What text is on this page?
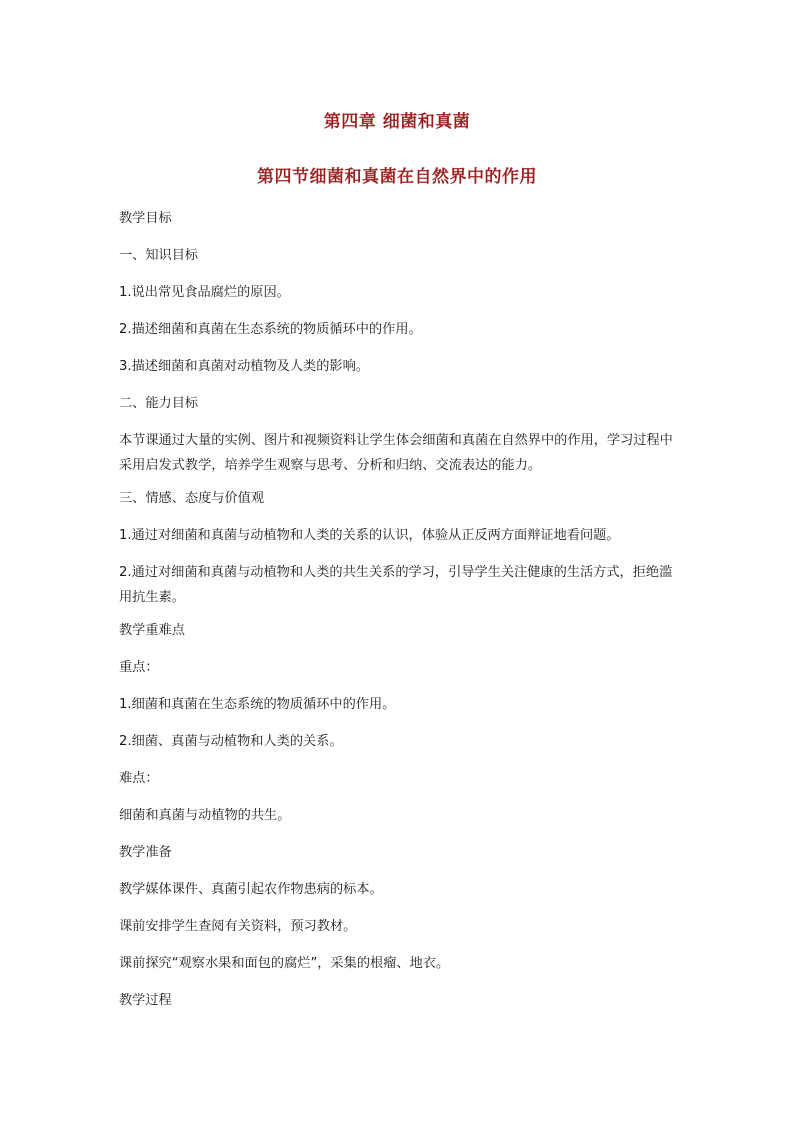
第四章 细菌和真菌
第四节细菌和真菌在自然界中的作用

教学目标

一、知识目标

1.说出常见食品腐烂的原因。

2.描述细菌和真菌在生态系统的物质循环中的作用。

3.描述细菌和真菌对动植物及人类的影响。

二、能力目标

本节课通过大量的实例、图片和视频资料让学生体会细菌和真菌在自然界中的作用，学习过程中采用启发式教学，培养学生观察与思考、分析和归纳、交流表达的能力。

三、情感、态度与价值观

1.通过对细菌和真菌与动植物和人类的关系的认识，体验从正反两方面辩证地看问题。

2.通过对细菌和真菌与动植物和人类的共生关系的学习，引导学生关注健康的生活方式，拒绝滥用抗生素。

教学重难点

重点：

1.细菌和真菌在生态系统的物质循环中的作用。

2.细菌、真菌与动植物和人类的关系。

难点：

细菌和真菌与动植物的共生。

教学准备

教学媒体课件、真菌引起农作物患病的标本。

课前安排学生查阅有关资料，预习教材。

课前探究“观察水果和面包的腐烂”，采集的根瘤、地衣。

教学过程
